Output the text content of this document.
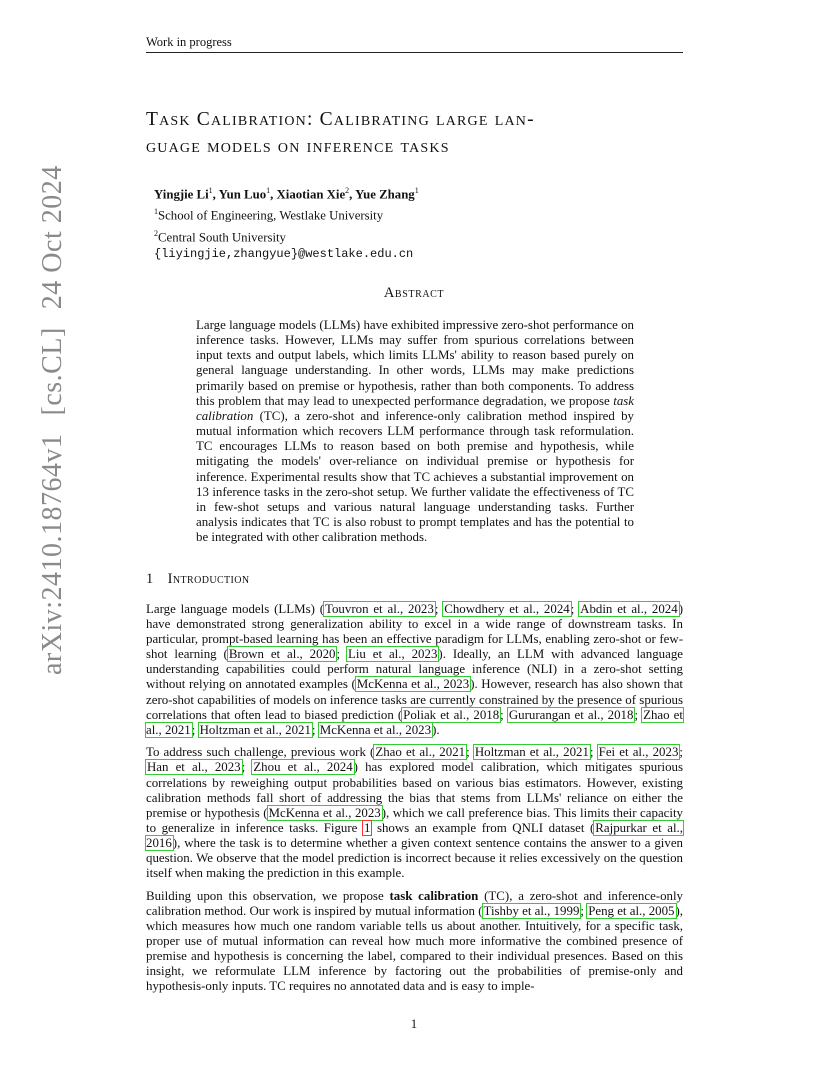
Work in progress
arXiv:2410.18764v1[cs.CL]24 Oct 2024
Task Calibration: Calibrating large lan-
guage models on inference tasks
Yingjie Li$^1$, Yun Luo$^1$, Xiaotian Xie$^2$, Yue Zhang$^1$
$^1$School of Engineering, Westlake University
$^2$Central South University
{liyingjie,zhangyue}@westlake.edu.cn
Abstract

Large language models (LLMs) have exhibited impressive zero-shot performance on inference tasks. However, LLMs may suffer from spurious correlations between input texts and output labels, which limits LLMs' ability to reason based purely on general language understanding. In other words, LLMs may make predictions primarily based on premise or hypothesis, rather than both components. To address this problem that may lead to unexpected performance degradation, we propose task calibration (TC), a zero-shot and inference-only calibration method inspired by mutual information which recovers LLM performance through task reformulation. TC encourages LLMs to reason based on both premise and hypothesis, while mitigating the models' over-reliance on individual premise or hypothesis for inference. Experimental results show that TC achieves a substantial improvement on 13 inference tasks in the zero-shot setup. We further validate the effectiveness of TC in few-shot setups and various natural language understanding tasks. Further analysis indicates that TC is also robust to prompt templates and has the potential to be integrated with other calibration methods.

1 Introduction

Large language models (LLMs) (Touvron et al., 2023; Chowdhery et al., 2024; Abdin et al., 2024) have demonstrated strong generalization ability to excel in a wide range of downstream tasks. In particular, prompt-based learning has been an effective paradigm for LLMs, enabling zero-shot or few-shot learning (Brown et al., 2020; Liu et al., 2023). Ideally, an LLM with advanced language understanding capabilities could perform natural language inference (NLI) in a zero-shot setting without relying on annotated examples (McKenna et al., 2023). However, research has also shown that zero-shot capabilities of models on inference tasks are currently constrained by the presence of spurious correlations that often lead to biased prediction (Poliak et al., 2018; Gururangan et al., 2018; Zhao et al., 2021; Holtzman et al., 2021; McKenna et al., 2023).

To address such challenge, previous work (Zhao et al., 2021; Holtzman et al., 2021; Fei et al., 2023; Han et al., 2023; Zhou et al., 2024) has explored model calibration, which mitigates spurious correlations by reweighing output probabilities based on various bias estimators. However, existing calibration methods fall short of addressing the bias that stems from LLMs' reliance on either the premise or hypothesis (McKenna et al., 2023), which we call preference bias. This limits their capacity to generalize in inference tasks. Figure 1 shows an example from QNLI dataset (Rajpurkar et al., 2016), where the task is to determine whether a given context sentence contains the answer to a given question. We observe that the model prediction is incorrect because it relies excessively on the question itself when making the prediction in this example.

Building upon this observation, we propose task calibration (TC), a zero-shot and inference-only calibration method. Our work is inspired by mutual information (Tishby et al., 1999; Peng et al., 2005), which measures how much one random variable tells us about another. Intuitively, for a specific task, proper use of mutual information can reveal how much more informative the combined presence of premise and hypothesis is concerning the label, compared to their individual presences. Based on this insight, we reformulate LLM inference by factoring out the probabilities of premise-only and hypothesis-only inputs. TC requires no annotated data and is easy to imple-

1
